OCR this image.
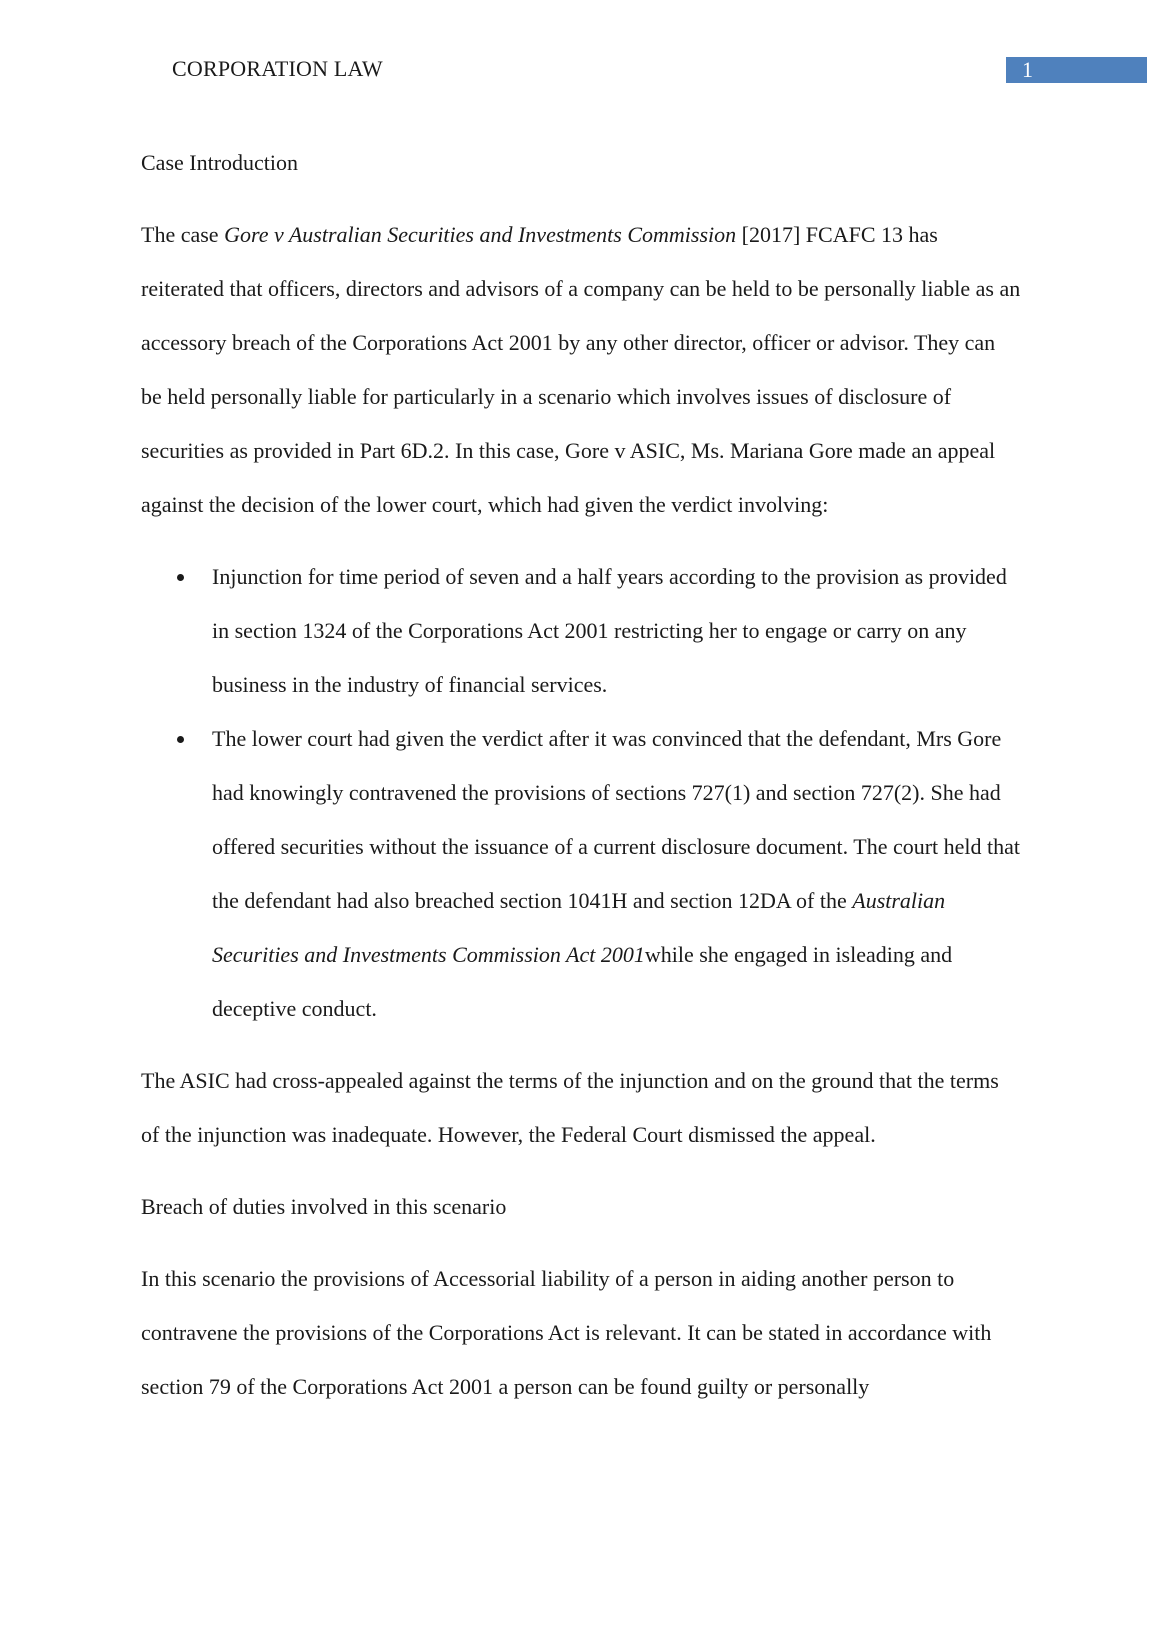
CORPORATION LAW	1
Case Introduction
The case Gore v Australian Securities and Investments Commission [2017] FCAFC 13 has reiterated that officers, directors and advisors of a company can be held to be personally liable as an accessory breach of the Corporations Act 2001 by any other director, officer or advisor. They can be held personally liable for particularly in a scenario which involves issues of disclosure of securities as provided in Part 6D.2. In this case, Gore v ASIC, Ms. Mariana Gore made an appeal against the decision of the lower court, which had given the verdict involving:
Injunction for time period of seven and a half years according to the provision as provided in section 1324 of the Corporations Act 2001 restricting her to engage or carry on any business in the industry of financial services.
The lower court had given the verdict after it was convinced that the defendant, Mrs Gore had knowingly contravened the provisions of sections 727(1) and section 727(2). She had offered securities without the issuance of a current disclosure document. The court held that the defendant had also breached section 1041H and section 12DA of the Australian Securities and Investments Commission Act 2001while she engaged in isleading and deceptive conduct.
The ASIC had cross-appealed against the terms of the injunction and on the ground that the terms of the injunction was inadequate. However, the Federal Court dismissed the appeal.
Breach of duties involved in this scenario
In this scenario the provisions of Accessorial liability of a person in aiding another person to contravene the provisions of the Corporations Act is relevant. It can be stated in accordance with section 79 of the Corporations Act 2001 a person can be found guilty or personally
